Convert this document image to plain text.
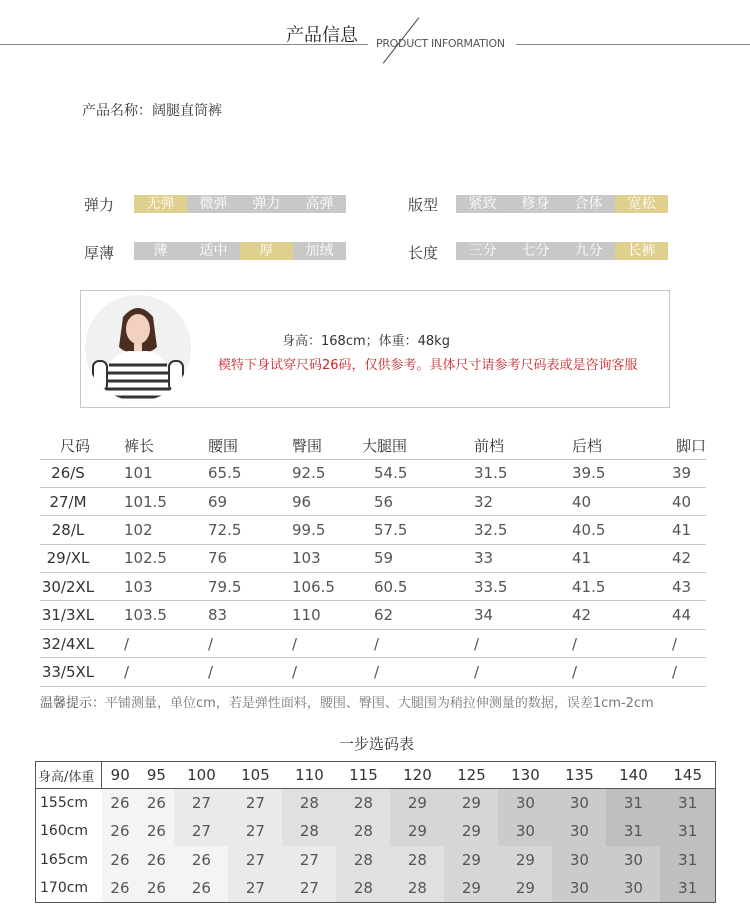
产品信息 PRODUCT INFORMATION
产品名称：阔腿直筒裤
弹力	无弹	微弹	弹力	高弹	版型	紧致	修身	合体	宽松
厚薄	薄	适中	厚	加绒	长度	三分	七分	九分	长裤
身高：168cm；体重：48kg
模特下身试穿尺码26码，仅供参考。具体尺寸请参考尺码表或是咨询客服
尺码	裤长	腰围	臀围	大腿围	前档	后档	脚口
26/S	101	65.5	92.5	54.5	31.5	39.5	39
27/M	101.5	69	96	56	32	40	40
28/L	102	72.5	99.5	57.5	32.5	40.5	41
29/XL	102.5	76	103	59	33	41	42
30/2XL	103	79.5	106.5	60.5	33.5	41.5	43
31/3XL	103.5	83	110	62	34	42	44
32/4XL	/	/	/	/	/	/	/
33/5XL	/	/	/	/	/	/	/
温馨提示：平铺测量，单位cm，若是弹性面料，腰围、臀围、大腿围为稍拉伸测量的数据，误差1cm-2cm
一步选码表
身高/体重	90	95	100	105	110	115	120	125	130	135	140	145
155cm	26	26	27	27	28	28	29	29	30	30	31	31
160cm	26	26	27	27	28	28	29	29	30	30	31	31
165cm	26	26	26	27	27	28	28	29	29	30	30	31
170cm	26	26	26	27	27	28	28	29	29	30	30	31
